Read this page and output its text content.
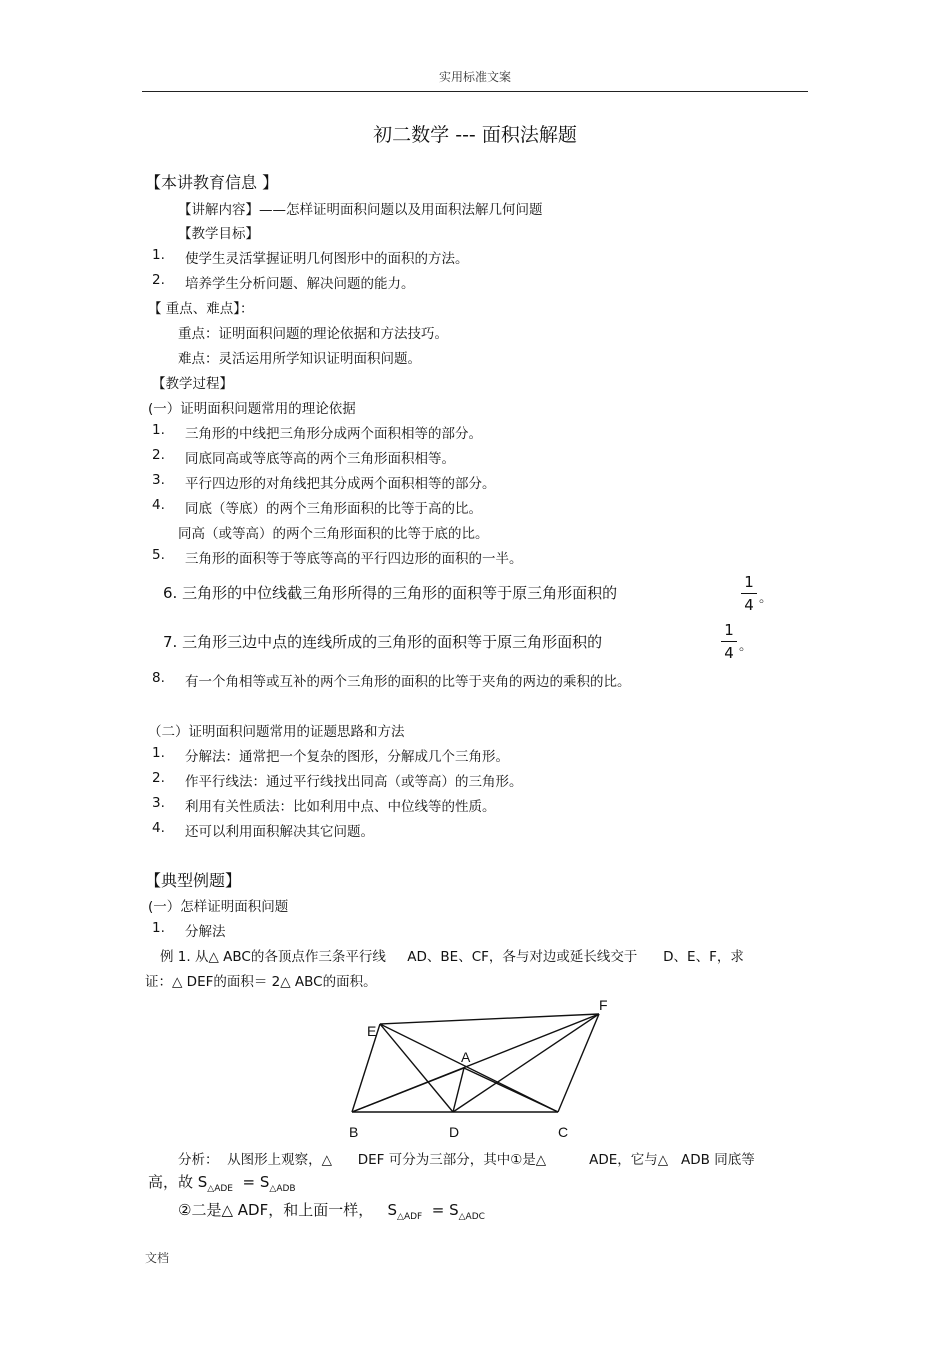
实用标准文案
初二数学 --- 面积法解题
【本讲教育信息 】
【讲解内容】——怎样证明面积问题以及用面积法解几何问题
【教学目标】
1. 使学生灵活掌握证明几何图形中的面积的方法。
2. 培养学生分析问题、解决问题的能力。
【 重点、难点】：
重点：证明面积问题的理论依据和方法技巧。
难点：灵活运用所学知识证明面积问题。
【教学过程】
(一）证明面积问题常用的理论依据
1. 三角形的中线把三角形分成两个面积相等的部分。
2. 同底同高或等底等高的两个三角形面积相等。
3. 平行四边形的对角线把其分成两个面积相等的部分。
4. 同底（等底）的两个三角形面积的比等于高的比。
同高（或等高）的两个三角形面积的比等于底的比。
5. 三角形的面积等于等底等高的平行四边形的面积的一半。
6. 三角形的中位线截三角形所得的三角形的面积等于原三角形面积的
1
4 。
7. 三角形三边中点的连线所成的三角形的面积等于原三角形面积的
1
4 。
8. 有一个角相等或互补的两个三角形的面积的比等于夹角的两边的乘积的比。
（二）证明面积问题常用的证题思路和方法
1. 分解法：通常把一个复杂的图形，分解成几个三角形。
2. 作平行线法：通过平行线找出同高（或等高）的三角形。
3. 利用有关性质法：比如利用中点、中位线等的性质。
4. 还可以利用面积解决其它问题。
【典型例题】
(一）怎样证明面积问题
1. 分解法
例 1. 从△ ABC的各顶点作三条平行线     AD、BE、CF，各与对边或延长线交于      D、E、F，求
证：△ DEF的面积＝ 2△ ABC的面积。
E
F
A
B	D	C
分析：  从图形上观察，△      DEF 可分为三部分，其中①是△          ADE，它与△   ADB 同底等
高，故 $S_{\triangle ADE} = S_{\triangle ADB}$
②二是△ ADF，和上面一样，   $S_{\triangle ADF} = S_{\triangle ADC}$
文档
